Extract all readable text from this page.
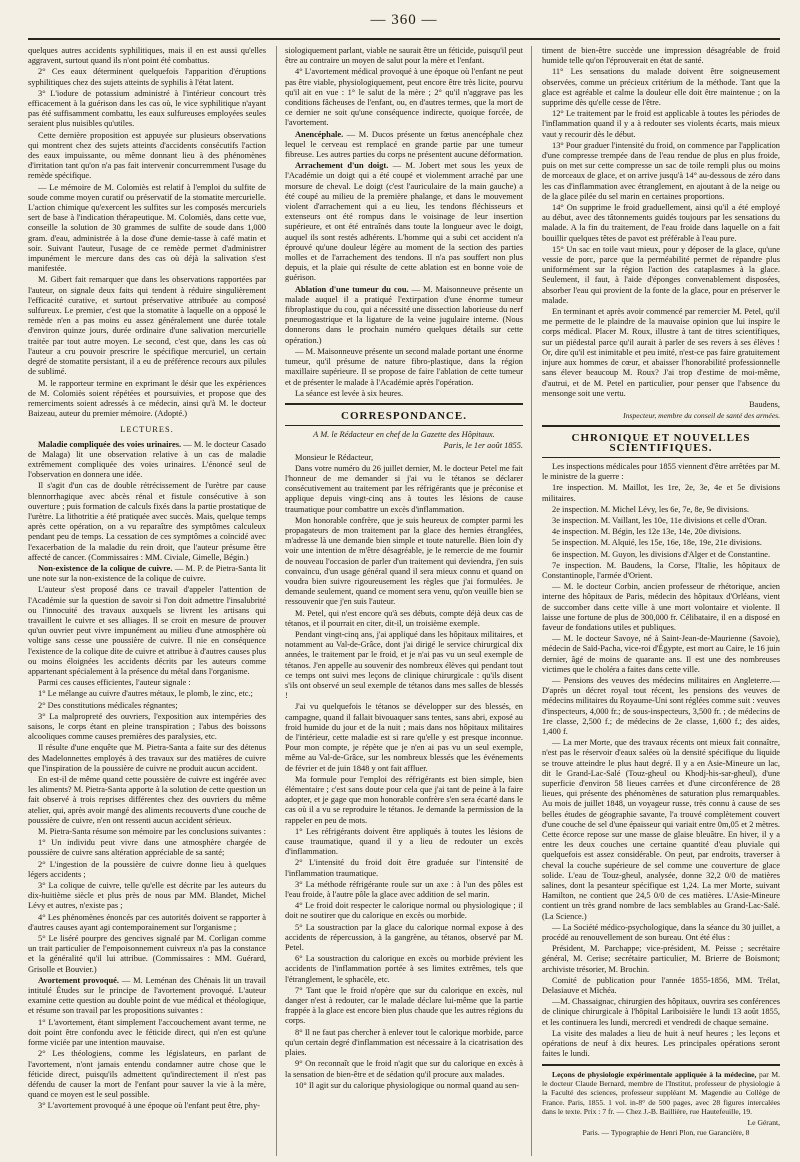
— 360 —

quelques autres accidents syphilitiques, mais il en est aussi qu'elles aggravent, surtout quand ils n'ont point été combattus.

2° Ces eaux déterminent quelquefois l'apparition d'éruptions syphilitiques chez des sujets atteints de syphilis à l'état latent.

3° L'iodure de potassium administré à l'intérieur concourt très efficacement à la guérison dans les cas où, le vice syphilitique n'ayant pas été suffisamment combattu, les eaux sulfureuses employées seules seraient plus nuisibles qu'utiles.

Cette dernière proposition est appuyée sur plusieurs observations qui montrent chez des sujets atteints d'accidents consécutifs l'action des eaux impuissante, ou même donnant lieu à des phénomènes d'irritation tant qu'on n'a pas fait intervenir concurremment l'usage du remède spécifique.

— Le mémoire de M. Colomiès est relatif à l'emploi du sulfite de soude comme moyen curatif ou préservatif de la stomatite mercurielle. L'action chimique qu'exercent les sulfites sur les composés mercuriels sert de base à l'indication thérapeutique. M. Colomiès, dans cette vue, conseille la solution de 30 grammes de sulfite de soude dans 1,000 gram. d'eau, administrée à la dose d'une demie-tasse à café matin et soir. Suivant l'auteur, l'usage de ce remède permet d'administrer impunément le mercure dans des cas où déjà la salivation s'est manifestée.

M. Gibert fait remarquer que dans les observations rapportées par l'auteur, on signale deux faits qui tendent à réduire singulièrement l'efficacité curative, et surtout préservative attribuée au composé sulfureux. Le premier, c'est que la stomatite à laquelle on a opposé le remède n'en a pas moins eu assez généralement une durée totale d'environ quinze jours, durée ordinaire d'une salivation mercurielle traitée par tout autre moyen. Le second, c'est que, dans les cas où l'auteur a cru pouvoir prescrire le spécifique mercuriel, un certain degré de stomatite persistant, il a eu de préférence recours aux pilules de sublimé.

M. le rapporteur termine en exprimant le désir que les expériences de M. Colomiès soient répétées et poursuivies, et propose que des remerciments soient adressés à ce médecin, ainsi qu'à M. le docteur Baizeau, auteur du premier mémoire. (Adopté.)

LECTURES.

Maladie compliquée des voies urinaires. — M. le docteur Casado de Malaga) lit une observation relative à un cas de maladie extrêmement compliquée des voies urinaires. L'énoncé seul de l'observation en donnera une idée.

Il s'agit d'un cas de double rétrécissement de l'urètre par cause blennorrhagique avec abcès rénal et fistule consécutive à son ouverture ; puis formation de calculs fixés dans la partie prostatique de l'urètre. La lithotritie a été pratiquée avec succès. Mais, quelque temps après cette opération, on a vu reparaître des symptômes calculeux pendant peu de temps. La cessation de ces symptômes a coïncidé avec l'exacerbation de la maladie du rein droit, que l'auteur présume être affecté de cancer. (Commissaires : MM. Civiale, Gimelle, Bégin.)

Non-existence de la colique de cuivre. — M. P. de Pietra-Santa lit une note sur la non-existence de la colique de cuivre.

L'auteur s'est proposé dans ce travail d'appeler l'attention de l'Académie sur la question de savoir si l'on doit admettre l'insalubrité ou l'innocuité des travaux auxquels se livrent les artisans qui travaillent le cuivre et ses alliages. Il se croit en mesure de prouver qu'un ouvrier peut vivre impunément au milieu d'une atmosphère où voltige sans cesse une poussière de cuivre. Il nie en conséquence l'existence de la colique dite de cuivre et attribue à d'autres causes plus ou moins éloignées les accidents décrits par les auteurs comme appartenant spécialement à la présence du métal dans l'organisme.

Parmi ces causes efficientes, l'auteur signale :

1° Le mélange au cuivre d'autres métaux, le plomb, le zinc, etc.;

2° Des constitutions médicales régnantes;

3° La malpropreté des ouvriers, l'exposition aux intempéries des saisons, le corps étant en pleine transpiration ; l'abus des boissons alcooliques comme causes premières des paralysies, etc.

Il résulte d'une enquête que M. Pietra-Santa a faite sur des détenus des Madelonnettes employés à des travaux sur des matières de cuivre que l'inspiration de la poussière de cuivre ne produit aucun accident.

En est-il de même quand cette poussière de cuivre est ingérée avec les aliments? M. Pietra-Santa apporte à la solution de cette question un fait observé à trois reprises différentes chez des ouvriers du même atelier, qui, après avoir mangé des aliments recouverts d'une couche de poussière de cuivre, n'en ont ressenti aucun accident sérieux.

M. Pietra-Santa résume son mémoire par les conclusions suivantes :

1° Un individu peut vivre dans une atmosphère chargée de poussière de cuivre sans altération appréciable de sa santé;

2° L'ingestion de la poussière de cuivre donne lieu à quelques légers accidents ;

3° La colique de cuivre, telle qu'elle est décrite par les auteurs du dix-huitième siècle et plus près de nous par MM. Blandet, Michel Lévy et autres, n'existe pas ;

4° Les phénomènes énoncés par ces autorités doivent se rapporter à d'autres causes ayant agi contemporainement sur l'organisme ;

5° Le liséré pourpre des gencives signalé par M. Corligan comme un trait particulier de l'empoisonnement cuivreux n'a pas la constance et la généralité qu'il lui attribue. (Commissaires : MM. Guérard, Grisolle et Bouvier.)

Avortement provoqué. — M. Leménan des Chénais lit un travail intitulé Études sur le principe de l'avortement provoqué. L'auteur examine cette question au double point de vue médical et théologique, et résume son travail par les propositions suivantes :

1° L'avortement, étant simplement l'accouchement avant terme, ne doit point être confondu avec le féticide direct, qui n'en est qu'une forme viciée par une intention mauvaise.

2° Les théologiens, comme les législateurs, en parlant de l'avortement, n'ont jamais entendu condamner autre chose que le féticide direct, puisqu'ils admettent qu'indirectement il n'est pas défendu de causer la mort de l'enfant pour sauver la vie à la mère, quand ce moyen est le seul possible.

3° L'avortement provoqué à une époque où l'enfant peut être, phy-

siologiquement parlant, viable ne saurait être un féticide, puisqu'il peut être au contraire un moyen de salut pour la mère et l'enfant.

4° L'avortement médical provoqué à une époque où l'enfant ne peut pas être viable, physiologiquement, peut encore être très licite, pourvu qu'il ait en vue : 1° le salut de la mère ; 2° qu'il n'aggrave pas les conditions fâcheuses de l'enfant, ou, en d'autres termes, que la mort de ce dernier ne soit qu'une conséquence indirecte, quoique forcée, de l'avortement.

Anencéphale. — M. Ducos présente un fœtus anencéphale chez lequel le cerveau est remplacé en grande partie par une tumeur fibreuse. Les autres parties du corps ne présentent aucune déformation.

Arrachement d'un doigt. — M. Jobert met sous les yeux de l'Académie un doigt qui a été coupé et violemment arraché par une morsure de cheval. Le doigt (c'est l'auriculaire de la main gauche) a été coupé au milieu de la première phalange, et dans le mouvement violent d'arrachement qui a eu lieu, les tendons fléchisseurs et extenseurs ont été rompus dans le voisinage de leur insertion supérieure, et ont été entraînés dans toute la longueur avec le doigt, auquel ils sont restés adhérents. L'homme qui a subi cet accident n'a éprouvé qu'une douleur légère au moment de la section des parties molles et de l'arrachement des tendons. Il n'a pas souffert non plus depuis, et la plaie qui résulte de cette ablation est en bonne voie de guérison.

Ablation d'une tumeur du cou. — M. Maisonneuve présente un malade auquel il a pratiqué l'extirpation d'une énorme tumeur fibroplastique du cou, qui a nécessité une dissection laborieuse du nerf pneumogastrique et la ligature de la veine jugulaire interne. (Nous donnerons dans le prochain numéro quelques détails sur cette opération.)

— M. Maisonneuve présente un second malade portant une énorme tumeur, qu'il présume de nature fibro-plastique, dans la région maxillaire supérieure. Il se propose de faire l'ablation de cette tumeur et de présenter le malade à l'Académie après l'opération.

La séance est levée à six heures.

CORRESPONDANCE.

A M. le Rédacteur en chef de la Gazette des Hôpitaux.

Paris, le 1er août 1855.

Monsieur le Rédacteur,

Dans votre numéro du 26 juillet dernier, M. le docteur Petel me fait l'honneur de me demander si j'ai vu le tétanos se déclarer consécutivement au traitement par les réfrigérants que je préconise et applique depuis vingt-cinq ans à toutes les lésions de cause traumatique pour combattre un excès d'inflammation.

Mon honorable confrère, que je suis heureux de compter parmi les propagateurs de mon traitement par la glace des hernies étranglées, m'adresse là une demande bien simple et toute naturelle. Bien loin d'y voir une intention de m'être désagréable, je le remercie de me fournir de nouveau l'occasion de parler d'un traitement qui deviendra, j'en suis convaincu, d'un usage général quand il sera mieux connu et quand on voudra bien suivre rigoureusement les règles que j'ai formulées. Je demande seulement, quand ce moment sera venu, qu'on veuille bien se ressouvenir que j'en suis l'auteur.

M. Petel, qui n'est encore qu'à ses débuts, compte déjà deux cas de tétanos, et il pourrait en citer, dit-il, un troisième exemple.

Pendant vingt-cinq ans, j'ai appliqué dans les hôpitaux militaires, et notamment au Val-de-Grâce, dont j'ai dirigé le service chirurgical dix années, le traitement par le froid, et je n'ai pas vu un seul exemple de tétanos. J'en appelle au souvenir des nombreux élèves qui pendant tout ce temps ont suivi mes leçons de clinique chirurgicale : qu'ils disent s'ils ont observé un seul exemple de tétanos dans mes salles de blessés !

J'ai vu quelquefois le tétanos se développer sur des blessés, en campagne, quand il fallait bivouaquer sans tentes, sans abri, exposé au froid humide du jour et de la nuit ; mais dans nos hôpitaux militaires de l'intérieur, cette maladie est si rare qu'elle y est presque inconnue. Pour mon compte, je répète que je n'en ai pas vu un seul exemple, même au Val-de-Grâce, sur les nombreux blessés que les événements de février et de juin 1848 y ont fait affluer.

Ma formule pour l'emploi des réfrigérants est bien simple, bien élémentaire ; c'est sans doute pour cela que j'ai tant de peine à la faire adopter, et je gage que mon honorable confrère s'en sera écarté dans le cas où il a vu se reproduire le tétanos. Je demande la permission de la rappeler en peu de mots.

1° Les réfrigérants doivent être appliqués à toutes les lésions de cause traumatique, quand il y a lieu de redouter un excès d'inflammation.

2° L'intensité du froid doit être graduée sur l'intensité de l'inflammation traumatique.

3° La méthode réfrigérante roule sur un axe : à l'un des pôles est l'eau froide, à l'autre pôle la glace avec addition de sel marin.

4° Le froid doit respecter le calorique normal ou physiologique ; il doit ne soutirer que du calorique en excès ou morbide.

5° La soustraction par la glace du calorique normal expose à des accidents de répercussion, à la gangrène, au tétanos, observé par M. Petel.

6° La soustraction du calorique en excès ou morbide prévient les accidents de l'inflammation portée à ses limites extrêmes, tels que l'étranglement, le sphacèle, etc.

7° Tant que le froid n'opère que sur du calorique en excès, nul danger n'est à redouter, car le malade déclare lui-même que la partie frappée à la glace est encore bien plus chaude que les autres régions du corps.

8° Il ne faut pas chercher à enlever tout le calorique morbide, parce qu'un certain degré d'inflammation est nécessaire à la cicatrisation des plaies.

9° On reconnaît que le froid n'agit que sur du calorique en excès à la sensation de bien-être et de sédation qu'il procure aux malades.

10° Il agit sur du calorique physiologique ou normal quand au sen-

timent de bien-être succède une impression désagréable de froid humide telle qu'on l'éprouverait en état de santé.

11° Les sensations du malade doivent être soigneusement observées, comme un précieux critérium de la méthode. Tant que la glace est agréable et calme la douleur elle doit être maintenue ; on la supprime dès qu'elle cesse de l'être.

12° Le traitement par le froid est applicable à toutes les périodes de l'inflammation quand il y a à redouter ses violents écarts, mais mieux vaut y recourir dès le début.

13° Pour graduer l'intensité du froid, on commence par l'application d'une compresse trempée dans de l'eau rendue de plus en plus froide, puis on met sur cette compresse un sac de toile rempli plus ou moins de morceaux de glace, et on arrive jusqu'à 14° au-dessous de zéro dans les cas d'inflammation avec étranglement, en ajoutant à de la neige ou de la glace pilée du sel marin en certaines proportions.

14° On supprime le froid graduellement, ainsi qu'il a été employé au début, avec des tâtonnements guidés toujours par les sensations du malade. A la fin du traitement, de l'eau froide dans laquelle on a fait bouillir quelques têtes de pavot est préférable à l'eau pure.

15° Un sac en toile vaut mieux, pour y déposer de la glace, qu'une vessie de porc, parce que la perméabilité permet de répandre plus uniformément sur la région l'action des cataplasmes à la glace. Seulement, il faut, à l'aide d'éponges convenablement disposées, absorber l'eau qui provient de la fonte de la glace, pour en préserver le malade.

En terminant et après avoir commencé par remercier M. Petel, qu'il me permette de le plaindre de la mauvaise opinion que lui inspire le corps médical. Placer M. Roux, illustre à tant de titres scientifiques, sur un piédestal parce qu'il aurait à parler de ses revers à ses élèves ! Or, dire qu'il est inimitable et peu imité, n'est-ce pas faire gratuitement injure aux hommes de cœur, et abaisser l'honorabilité professionnelle sans élever beaucoup M. Roux? J'ai trop d'estime de moi-même, d'autrui, et de M. Petel en particulier, pour penser que l'absence du mensonge soit une vertu.

Baudens,

Inspecteur, membre du conseil de santé des armées.

CHRONIQUE ET NOUVELLES SCIENTIFIQUES.

Les inspections médicales pour 1855 viennent d'être arrêtées par M. le ministre de la guerre :

1re inspection. M. Maillot, les 1re, 2e, 3e, 4e et 5e divisions militaires.

2e inspection. M. Michel Lévy, les 6e, 7e, 8e, 9e divisions.

3e inspection. M. Vaillant, les 10e, 11e divisions et celle d'Oran.

4e inspection. M. Bégin, les 12e 13e, 14e, 20e divisions.

5e inspection. M. Alquié, les 15e, 16e, 18e, 19e, 21e divisions.

6e inspection. M. Guyon, les divisions d'Alger et de Constantine.

7e inspection. M. Baudens, la Corse, l'Italie, les hôpitaux de Constantinople, l'armée d'Orient.

— M. le docteur Corbin, ancien professeur de rhétorique, ancien interne des hôpitaux de Paris, médecin des hôpitaux d'Orléans, vient de succomber dans cette ville à une mort volontaire et violente. Il laisse une fortune de plus de 300,000 fr. Célibataire, il en a disposé en faveur de fondations utiles et publiques.

— M. le docteur Savoye, né à Saint-Jean-de-Maurienne (Savoie), médecin de Saïd-Pacha, vice-roi d'Égypte, est mort au Caire, le 16 juin dernier, âgé de moins de quarante ans. Il est une des nombreuses victimes que le choléra a faites dans cette ville.

— Pensions des veuves des médecins militaires en Angleterre.— D'après un décret royal tout récent, les pensions des veuves de médecins militaires du Royaume-Uni sont réglées comme suit : veuves d'inspecteurs, 4,000 fr.; de sous-inspecteurs, 3,500 fr. ; de médecins de 1re classe, 2,500 f.; de médecins de 2e classe, 1,600 f.; des aides, 1,400 f.

— La mer Morte, que des travaux récents ont mieux fait connaître, n'est pas le réservoir d'eaux salées où la densité spécifique du liquide se trouve atteindre le plus haut degré. Il y a en Asie-Mineure un lac, dit le Grand-Lac-Salé (Touz-gheul ou Khodj-his-sar-gheul), d'une superficie d'environ 58 lieues carrées et d'une circonférence de 28 lieues, qui présente des phénomènes de saturation plus remarquables. Au mois de juillet 1848, un voyageur russe, très connu à cause de ses belles études de géographie savante, l'a trouvé complètement couvert d'une couche de sel d'une épaisseur qui variait entre 0m,05 et 2 mètres. Cette écorce repose sur une masse de glaise bleuâtre. En hiver, il y a entre les deux couches une certaine quantité d'eau pluviale qui quelquefois est assez considérable. On peut, par endroits, traverser à cheval la couche supérieure de sel comme une couverture de glace solide. L'eau de Touz-gheul, analysée, donne 32,2 0/0 de matières salines, dont la pesanteur spécifique est 1,24. La mer Morte, suivant Hamilton, ne contient que 24,5 0/0 de ces matières. L'Asie-Mineure contient un très grand nombre de lacs semblables au Grand-Lac-Salé. (La Science.)

— La Société médico-psychologique, dans la séance du 30 juillet, a procédé au renouvellement de son bureau. Ont été élus :

Président, M. Parchappe; vice-président, M. Peisse ; secrétaire général, M. Cerise; secrétaire particulier, M. Brierre de Boismont; archiviste trésorier, M. Brochin.

Comité de publication pour l'année 1855-1856, MM. Trélat, Delasiauve et Michéa.

—M. Chassaignac, chirurgien des hôpitaux, ouvrira ses conférences de clinique chirurgicale à l'hôpital Lariboisière le lundi 13 août 1855, et les continuera les lundi, mercredi et vendredi de chaque semaine.

La visite des malades a lieu de huit à neuf heures ; les leçons et opérations de neuf à dix heures. Les principales opérations seront faites le lundi.

Leçons de physiologie expérimentale appliquée à la médecine, par M. le docteur Claude Bernard, membre de l'Institut, professeur de physiologie à la Faculté des sciences, professeur suppléant M. Magendie au Collège de France. Paris, 1855. 1 vol. in-8° de 500 pages, avec 28 figures intercalées dans le texte. Prix : 7 fr. — Chez J.-B. Baillière, rue Hautefeuille, 19.

Le Gérant,

Paris. — Typographie de Henri Plon, rue Garancière, 8
